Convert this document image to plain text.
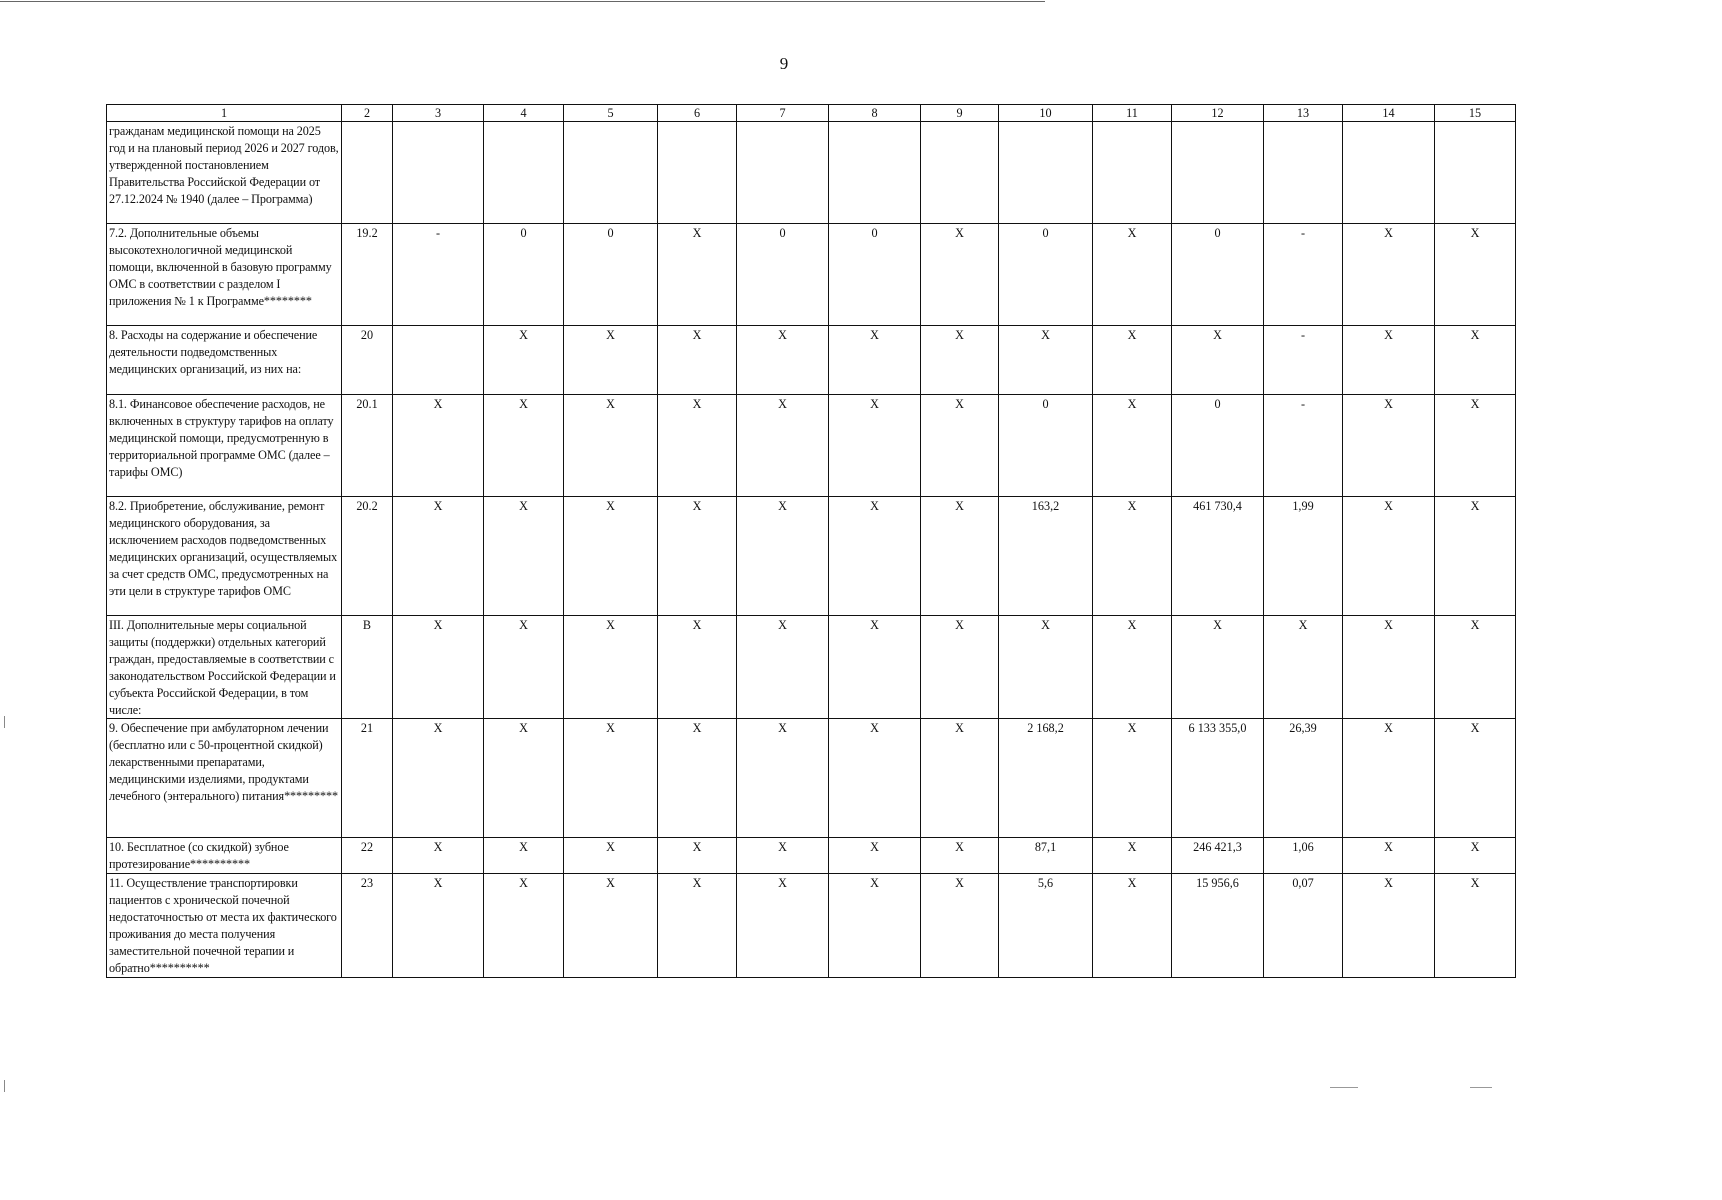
9
1	2	3	4	5	6	7	8	9	10	11	12	13	14	15
гражданам медицинской помощи на 2025 год и на плановый период 2026 и 2027 годов, утвержденной постановлением Правительства Российской Федерации от 27.12.2024 № 1940 (далее – Программа)														
7.2. Дополнительные объемы высокотехнологичной медицинской помощи, включенной в базовую программу ОМС в соответствии с разделом I приложения № 1 к Программе********	19.2	-	0	0	X	0	0	X	0	X	0	-	X	X
8. Расходы на содержание и обеспечение деятельности подведомственных медицинских организаций, из них на:	20		X	X	X	X	X	X	X	X	X	-	X	X
8.1. Финансовое обеспечение расходов, не включенных в структуру тарифов на оплату медицинской помощи, предусмотренную в территориальной программе ОМС (далее – тарифы ОМС)	20.1	X	X	X	X	X	X	X	0	X	0	-	X	X
8.2. Приобретение, обслуживание, ремонт медицинского оборудования, за исключением расходов подведомственных медицинских организаций, осуществляемых за счет средств ОМС, предусмотренных на эти цели в структуре тарифов ОМС	20.2	X	X	X	X	X	X	X	163,2	X	461 730,4	1,99	X	X
III. Дополнительные меры социальной защиты (поддержки) отдельных категорий граждан, предоставляемые в соответствии с законодательством Российской Федерации и субъекта Российской Федерации, в том числе:	В	X	X	X	X	X	X	X	X	X	X	X	X	X
9. Обеспечение при амбулаторном лечении (бесплатно или с 50-процентной скидкой) лекарственными препаратами, медицинскими изделиями, продуктами лечебного (энтерального) питания*********	21	X	X	X	X	X	X	X	2 168,2	X	6 133 355,0	26,39	X	X
10. Бесплатное (со скидкой) зубное протезирование**********	22	X	X	X	X	X	X	X	87,1	X	246 421,3	1,06	X	X
11. Осуществление транспортировки пациентов с хронической почечной недостаточностью от места их фактического проживания до места получения заместительной почечной терапии и обратно**********	23	X	X	X	X	X	X	X	5,6	X	15 956,6	0,07	X	X
